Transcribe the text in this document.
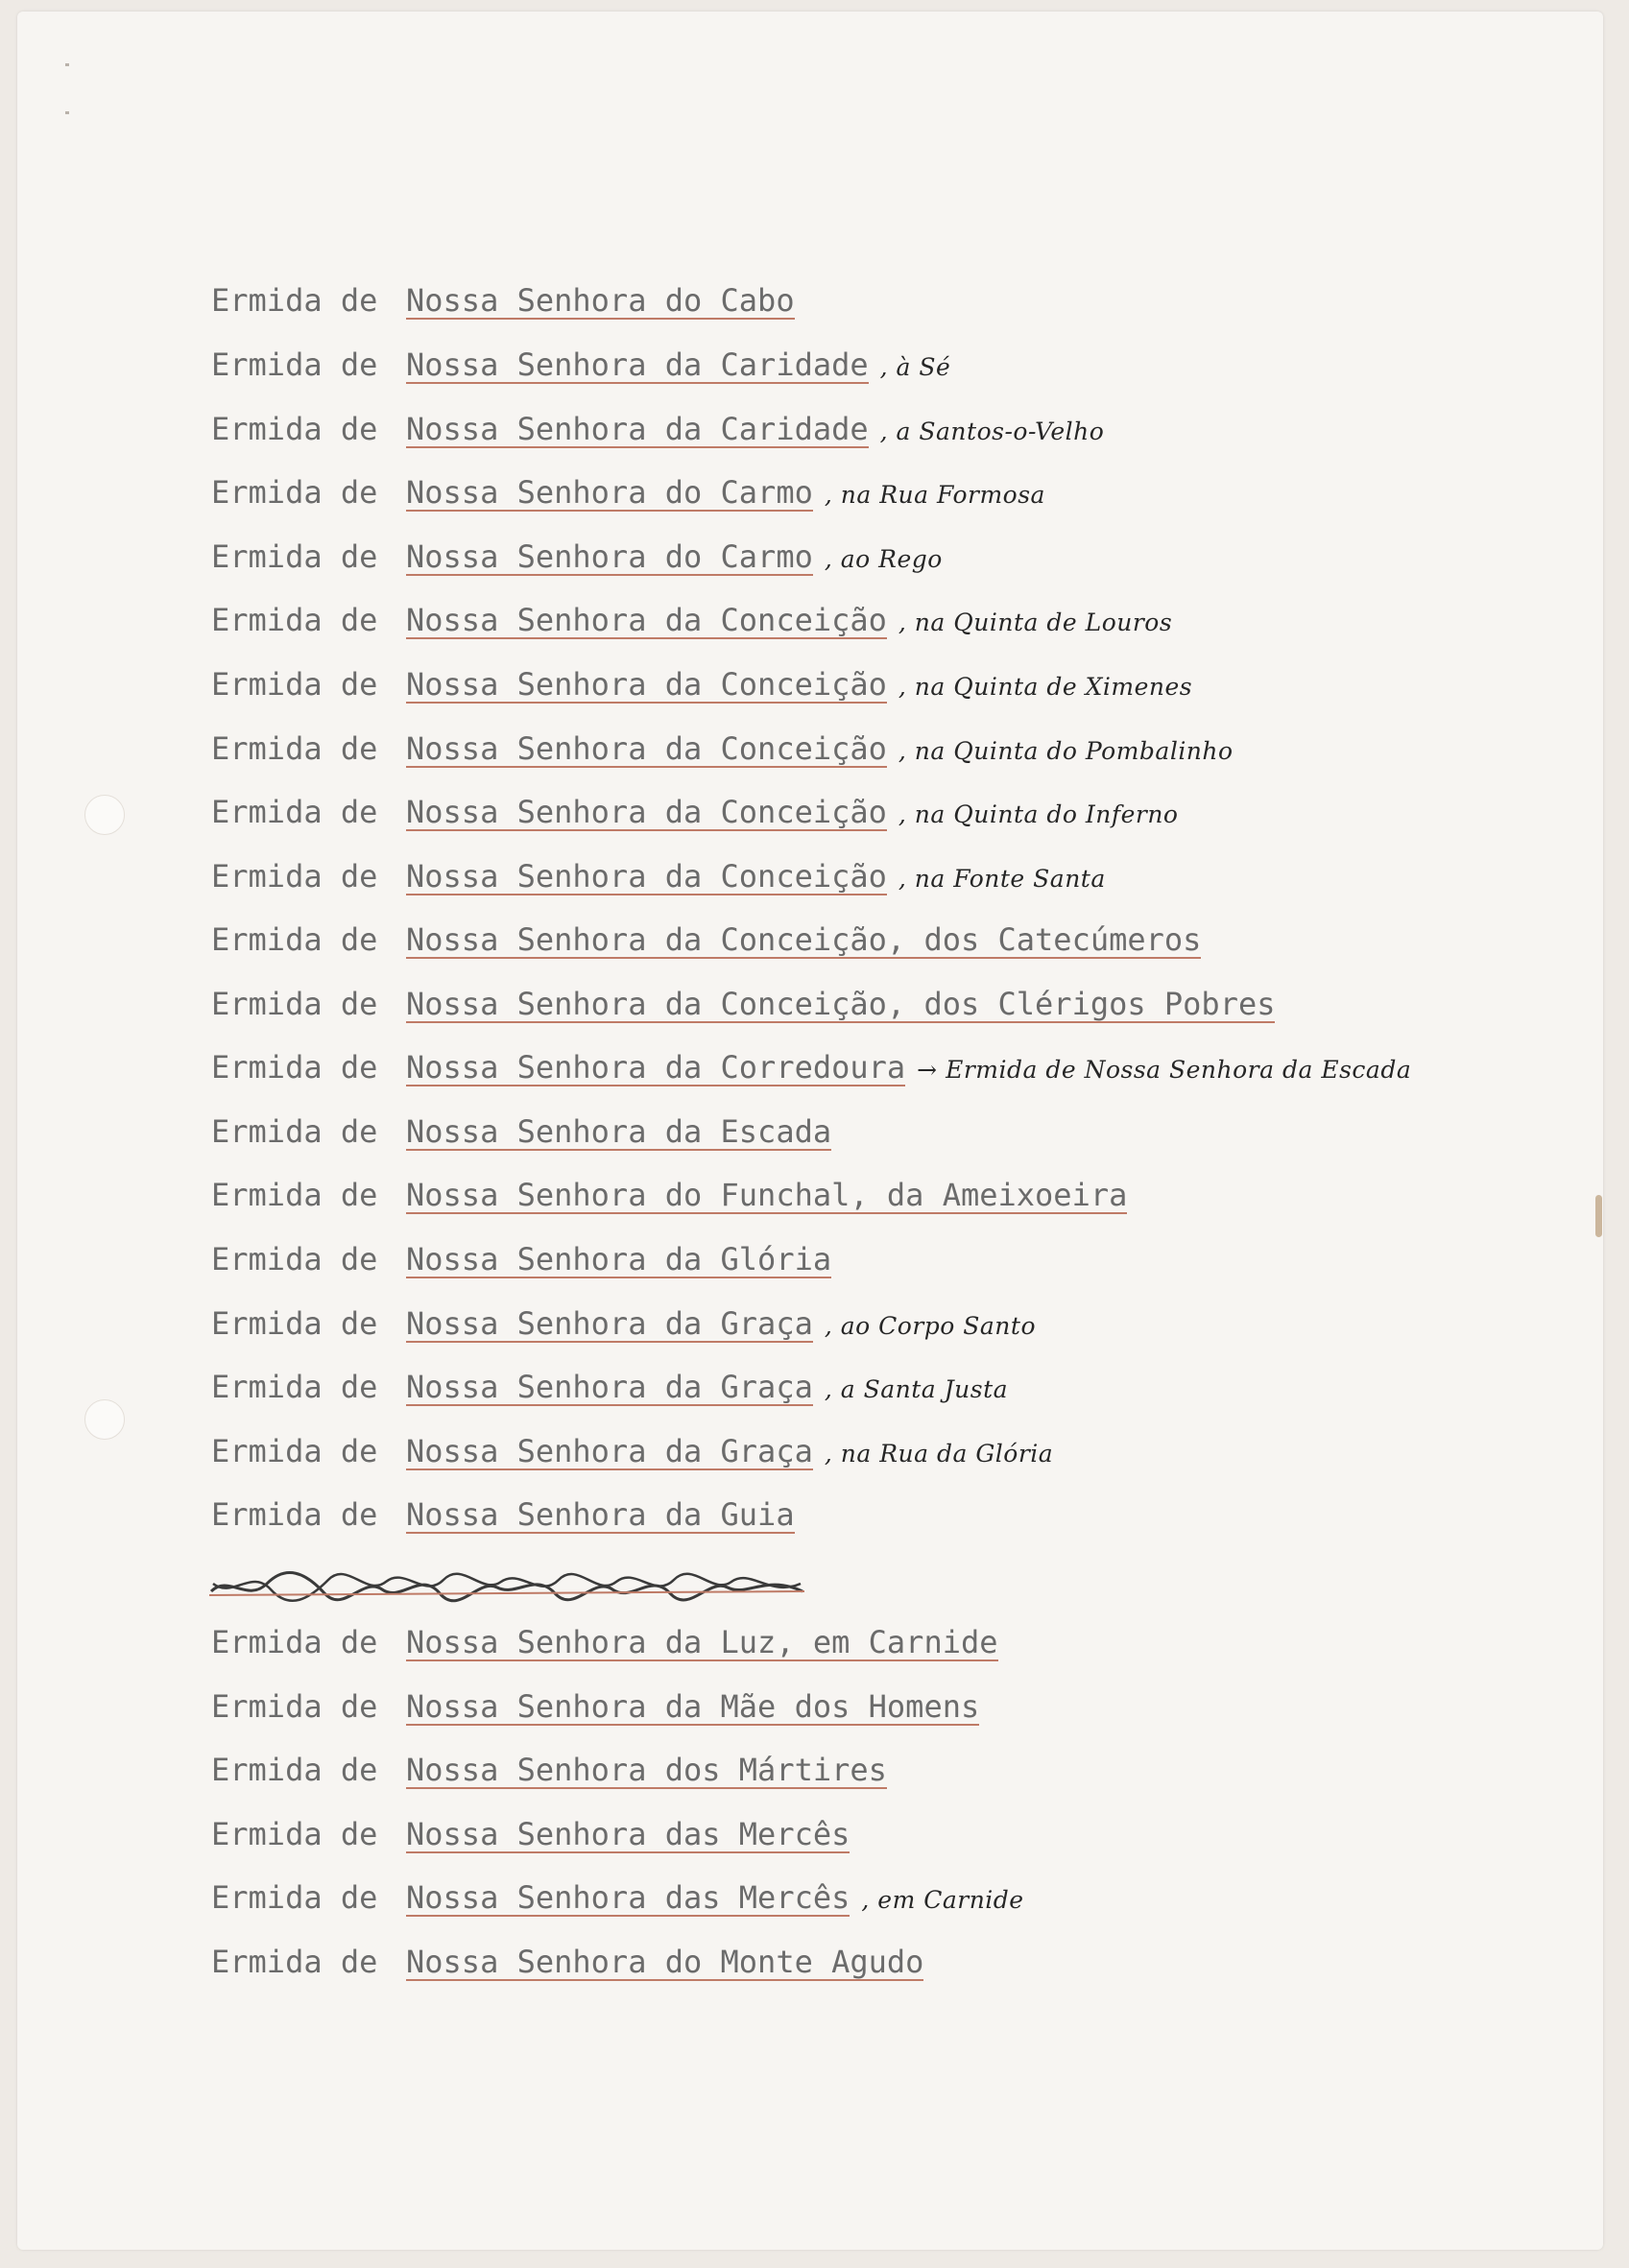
Ermida de Nossa Senhora do Cabo
Ermida de Nossa Senhora da Caridade , à Sé
Ermida de Nossa Senhora da Caridade , a Santos-o-Velho
Ermida de Nossa Senhora do Carmo , na Rua Formosa
Ermida de Nossa Senhora do Carmo , ao Rego
Ermida de Nossa Senhora da Conceição , na Quinta de Louros
Ermida de Nossa Senhora da Conceição , na Quinta de Ximenes
Ermida de Nossa Senhora da Conceição , na Quinta do Pombalinho
Ermida de Nossa Senhora da Conceição , na Quinta do Inferno
Ermida de Nossa Senhora da Conceição , na Fonte Santa
Ermida de Nossa Senhora da Conceição, dos Catecúmeros
Ermida de Nossa Senhora da Conceição, dos Clérigos Pobres
Ermida de Nossa Senhora da Corredoura → Ermida de Nossa Senhora da Escada
Ermida de Nossa Senhora da Escada
Ermida de Nossa Senhora do Funchal, da Ameixoeira
Ermida de Nossa Senhora da Glória
Ermida de Nossa Senhora da Graça , ao Corpo Santo
Ermida de Nossa Senhora da Graça , a Santa Justa
Ermida de Nossa Senhora da Graça , na Rua da Glória
Ermida de Nossa Senhora da Guia
Ermida de Nossa Senhora da Luz, em Carnide
Ermida de Nossa Senhora da Mãe dos Homens
Ermida de Nossa Senhora dos Mártires
Ermida de Nossa Senhora das Mercês
Ermida de Nossa Senhora das Mercês , em Carnide
Ermida de Nossa Senhora do Monte Agudo
